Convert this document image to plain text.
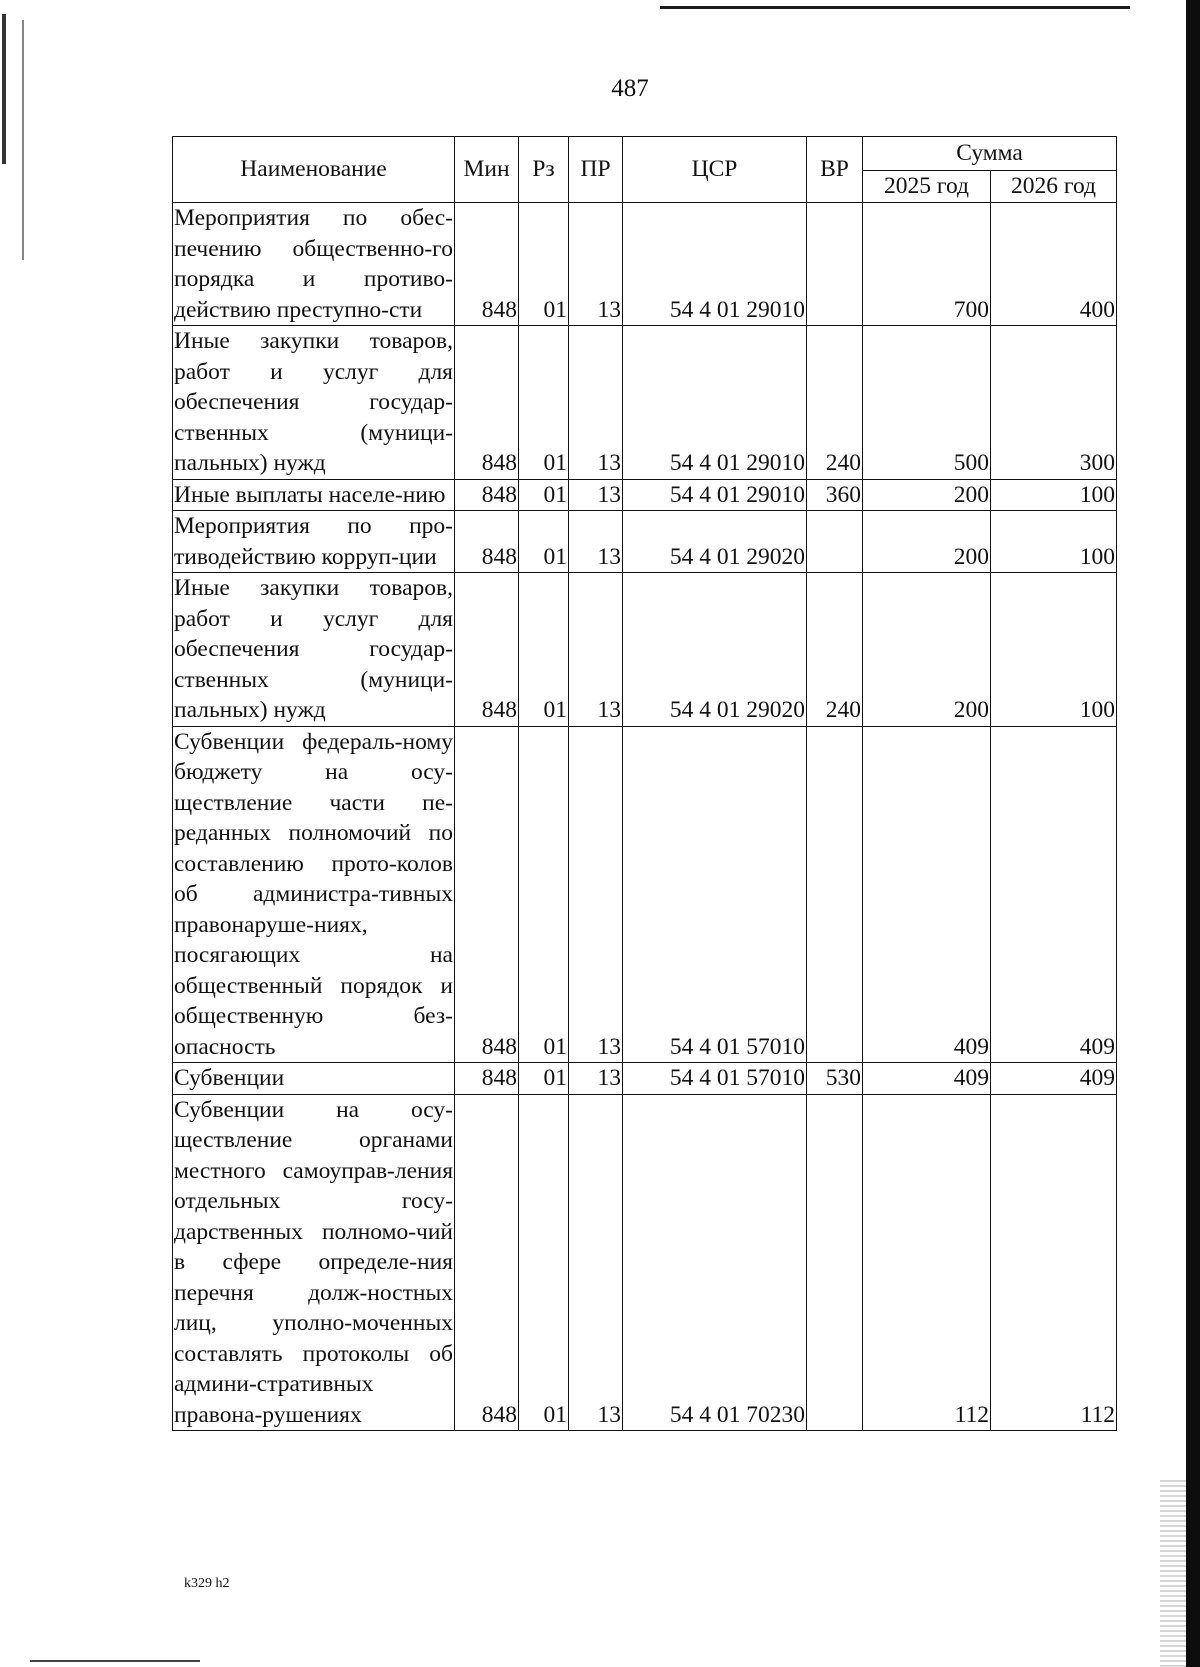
487
Наименование	Мин	Рз	ПР	ЦСР	ВР	Сумма	
						2025 год	2026 год
Мероприятия по обес-печению общественно-го порядка и противо-действию преступно-сти	848	01	13	54 4 01 29010		700	400
Иные закупки товаров, работ и услуг для обеспечения государ-ственных (муници-пальных) нужд	848	01	13	54 4 01 29010	240	500	300
Иные выплаты населе-нию	848	01	13	54 4 01 29010	360	200	100
Мероприятия по про-тиводействию корруп-ции	848	01	13	54 4 01 29020		200	100
Иные закупки товаров, работ и услуг для обеспечения государ-ственных (муници-пальных) нужд	848	01	13	54 4 01 29020	240	200	100
Субвенции федераль-ному бюджету на осу-ществление части пе-реданных полномочий по составлению прото-колов об администра-тивных правонаруше-ниях, посягающих на общественный порядок и общественную без-опасность	848	01	13	54 4 01 57010		409	409
Субвенции	848	01	13	54 4 01 57010	530	409	409
Субвенции на осу-ществление органами местного самоуправ-ления отдельных госу-дарственных полномо-чий в сфере определе-ния перечня долж-ностных лиц, уполно-моченных составлять протоколы об админи-стративных правона-рушениях	848	01	13	54 4 01 70230		112	112
k329 h2
